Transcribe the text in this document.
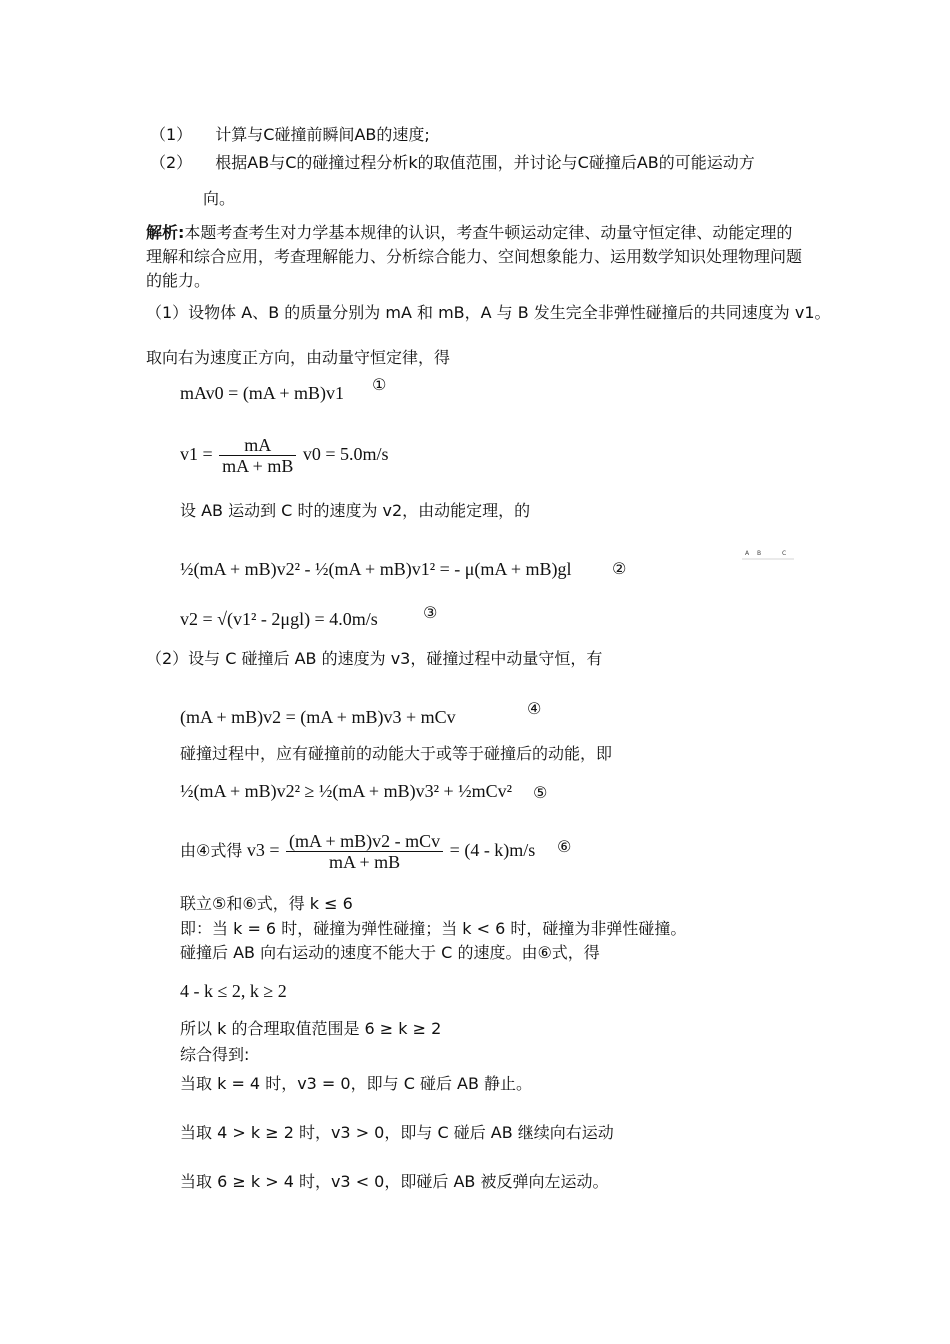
（1） 计算与C碰撞前瞬间AB的速度;
（2） 根据AB与C的碰撞过程分析k的取值范围，并讨论与C碰撞后AB的可能运动方
向。
解析:本题考查考生对力学基本规律的认识，考查牛顿运动定律、动量守恒定律、动能定理的
理解和综合应用，考查理解能力、分析综合能力、空间想象能力、运用数学知识处理物理问题
的能力。
（1）设物体 A、B 的质量分别为 mA 和 mB，A 与 B 发生完全非弹性碰撞后的共同速度为 v1。
取向右为速度正方向，由动量守恒定律，得
mAv0 = (mA + mB)v1 ①
$v1 = \frac{mA}{mA + mB} v0 = 5.0m/s$
设 AB 运动到 C 时的速度为 v2，由动能定理，的
½(mA + mB)v2² - ½(mA + mB)v1² = - μ(mA + mB)gl	②
A B	C
v2 = √(v1² - 2μgl) = 4.0m/s	③
（2）设与 C 碰撞后 AB 的速度为 v3，碰撞过程中动量守恒，有
(mA + mB)v2 = (mA + mB)v3 + mCv	④
碰撞过程中，应有碰撞前的动能大于或等于碰撞后的动能，即
½(mA + mB)v2² ≥ ½(mA + mB)v3² + ½mCv² ⑤
由④式得 $v3 = \frac{\text{(mA + mB)v2 - mCv}}{mA + mB} = (4 - k)m/s$ ⑥
联立⑤和⑥式，得 k ≤ 6
即：当 k = 6 时，碰撞为弹性碰撞；当 k < 6 时，碰撞为非弹性碰撞。
碰撞后 AB 向右运动的速度不能大于 C 的速度。由⑥式，得
4 - k ≤ 2, k ≥ 2
所以 k 的合理取值范围是 6 ≥ k ≥ 2
综合得到:
当取 k = 4 时，v3 = 0，即与 C 碰后 AB 静止。
当取 4 > k ≥ 2 时，v3 > 0，即与 C 碰后 AB 继续向右运动
当取 6 ≥ k > 4 时，v3 < 0，即碰后 AB 被反弹向左运动。
